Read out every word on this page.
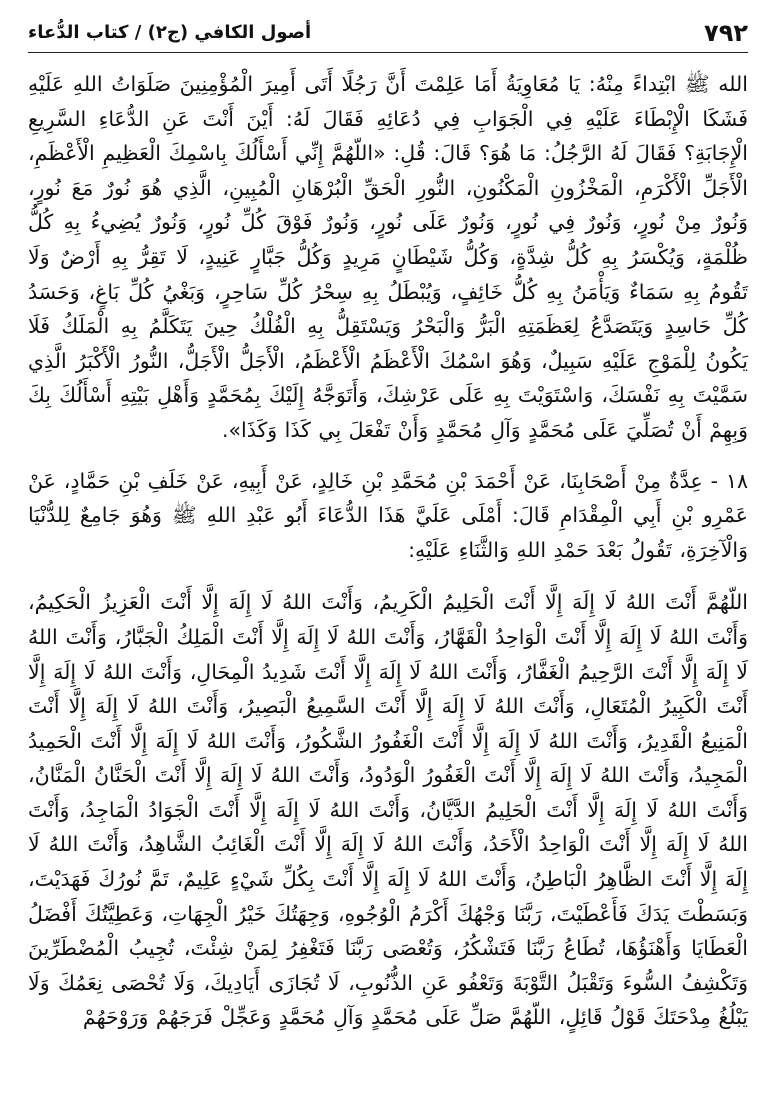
٧٩٢
أصول الكافي (ج٢) / كتاب الدُّعاء

الله ﷺ ابْتِداءً مِنْهُ: يَا مُعَاوِيَةُ أَمَا عَلِمْتَ أَنَّ رَجُلًا أَتَى أَمِيرَ الْمُؤْمِنِينَ صَلَوَاتُ اللهِ عَلَيْهِ فَشَكَا الْإِبْطَاءَ عَلَيْهِ فِي الْجَوَابِ فِي دُعَائِهِ فَقَالَ لَهُ: أَيْنَ أَنْتَ عَنِ الدُّعَاءِ السَّرِيعِ الْإِجَابَةِ؟ فَقَالَ لَهُ الرَّجُلُ: مَا هُوَ؟ قَالَ: قُلِ: «اللّهُمَّ إِنِّي أَسْأَلُكَ بِاسْمِكَ الْعَظِيمِ الْأَعْظَمِ، الْأَجَلِّ الْأَكْرَمِ، الْمَخْزُونِ الْمَكْنُونِ، النُّورِ الْحَقِّ الْبُرْهَانِ الْمُبِينِ، الَّذِي هُوَ نُورٌ مَعَ نُورٍ، وَنُورٌ مِنْ نُورٍ، وَنُورٌ فِي نُورٍ، وَنُورٌ عَلَى نُورٍ، وَنُورٌ فَوْقَ كُلِّ نُورٍ، وَنُورٌ يُضِيءُ بِهِ كُلُّ ظُلْمَةٍ، وَيُكْسَرُ بِهِ كُلُّ شِدَّةٍ، وَكُلُّ شَيْطَانٍ مَرِيدٍ وَكُلُّ جَبَّارٍ عَنِيدٍ، لَا تَقِرُّ بِهِ أَرْضٌ وَلَا تَقُومُ بِهِ سَمَاءٌ وَيَأْمَنُ بِهِ كُلُّ خَائِفٍ، وَيُبْطَلُ بِهِ سِحْرُ كُلِّ سَاحِرٍ، وَبَغْيُ كُلِّ بَاغٍ، وَحَسَدُ كُلِّ حَاسِدٍ وَيَتَصَدَّعُ لِعَظَمَتِهِ الْبَرُّ وَالْبَحْرُ وَيَسْتَقِلُّ بِهِ الْفُلْكُ حِينَ يَتَكَلَّمُ بِهِ الْمَلَكُ فَلَا يَكُونُ لِلْمَوْجِ عَلَيْهِ سَبِيلٌ، وَهُوَ اسْمُكَ الْأَعْظَمُ الْأَعْظَمُ، الْأَجَلُّ الْأَجَلُّ، النُّورُ الْأَكْبَرُ الَّذِي سَمَّيْتَ بِهِ نَفْسَكَ، وَاسْتَوَيْتَ بِهِ عَلَى عَرْشِكَ، وَأَتَوَجَّهُ إِلَيْكَ بِمُحَمَّدٍ وَأَهْلِ بَيْتِهِ أَسْأَلُكَ بِكَ وَبِهِمْ أَنْ تُصَلِّيَ عَلَى مُحَمَّدٍ وَآلِ مُحَمَّدٍ وَأَنْ تَفْعَلَ بِي كَذَا وَكَذَا».

١٨ - عِدَّةٌ مِنْ أَصْحَابِنَا، عَنْ أَحْمَدَ بْنِ مُحَمَّدِ بْنِ خَالِدٍ، عَنْ أَبِيهِ، عَنْ خَلَفِ بْنِ حَمَّادٍ، عَنْ عَمْرِو بْنِ أَبِي الْمِقْدَامِ قَالَ: أَمْلَى عَلَيَّ هَذَا الدُّعَاءَ أَبُو عَبْدِ اللهِ ﷺ وَهُوَ جَامِعٌ لِلدُّنْيَا وَالْآخِرَةِ، تَقُولُ بَعْدَ حَمْدِ اللهِ وَالثَّنَاءِ عَلَيْهِ:

اللّهُمَّ أَنْتَ اللهُ لَا إِلَهَ إِلَّا أَنْتَ الْحَلِيمُ الْكَرِيمُ، وَأَنْتَ اللهُ لَا إِلَهَ إِلَّا أَنْتَ الْعَزِيزُ الْحَكِيمُ، وَأَنْتَ اللهُ لَا إِلَهَ إِلَّا أَنْتَ الْوَاحِدُ الْقَهَّارُ، وَأَنْتَ اللهُ لَا إِلَهَ إِلَّا أَنْتَ الْمَلِكُ الْجَبَّارُ، وَأَنْتَ اللهُ لَا إِلَهَ إِلَّا أَنْتَ الرَّحِيمُ الْغَفَّارُ، وَأَنْتَ اللهُ لَا إِلَهَ إِلَّا أَنْتَ شَدِيدُ الْمِحَالِ، وَأَنْتَ اللهُ لَا إِلَهَ إِلَّا أَنْتَ الْكَبِيرُ الْمُتَعَالِ، وَأَنْتَ اللهُ لَا إِلَهَ إِلَّا أَنْتَ السَّمِيعُ الْبَصِيرُ، وَأَنْتَ اللهُ لَا إِلَهَ إِلَّا أَنْتَ الْمَنِيعُ الْقَدِيرُ، وَأَنْتَ اللهُ لَا إِلَهَ إِلَّا أَنْتَ الْغَفُورُ الشَّكُورُ، وَأَنْتَ اللهُ لَا إِلَهَ إِلَّا أَنْتَ الْحَمِيدُ الْمَجِيدُ، وَأَنْتَ اللهُ لَا إِلَهَ إِلَّا أَنْتَ الْغَفُورُ الْوَدُودُ، وَأَنْتَ اللهُ لَا إِلَهَ إِلَّا أَنْتَ الْحَنَّانُ الْمَنَّانُ، وَأَنْتَ اللهُ لَا إِلَهَ إِلَّا أَنْتَ الْحَلِيمُ الدَّيَّانُ، وَأَنْتَ اللهُ لَا إِلَهَ إِلَّا أَنْتَ الْجَوَادُ الْمَاجِدُ، وَأَنْتَ اللهُ لَا إِلَهَ إِلَّا أَنْتَ الْوَاحِدُ الْأَحَدُ، وَأَنْتَ اللهُ لَا إِلَهَ إِلَّا أَنْتَ الْغَائِبُ الشَّاهِدُ، وَأَنْتَ اللهُ لَا إِلَهَ إِلَّا أَنْتَ الظَّاهِرُ الْبَاطِنُ، وَأَنْتَ اللهُ لَا إِلَهَ إِلَّا أَنْتَ بِكُلِّ شَيْءٍ عَلِيمٌ، تَمَّ نُورُكَ فَهَدَيْتَ، وَبَسَطْتَ يَدَكَ فَأَعْطَيْتَ، رَبَّنَا وَجْهُكَ أَكْرَمُ الْوُجُوهِ، وَجِهَتُكَ خَيْرُ الْجِهَاتِ، وَعَطِيَّتُكَ أَفْضَلُ الْعَطَايَا وَأَهْنَؤُهَا، تُطَاعُ رَبَّنَا فَتَشْكُرُ، وَتُعْصَى رَبَّنَا فَتَغْفِرُ لِمَنْ شِئْتَ، تُجِيبُ الْمُضْطَرِّينَ وَتَكْشِفُ السُّوءَ وَتَقْبَلُ التَّوْبَةَ وَتَعْفُو عَنِ الذُّنُوبِ، لَا تُجَازَى أَيَادِيكَ، وَلَا تُحْصَى نِعَمُكَ وَلَا يَبْلُغُ مِدْحَتَكَ قَوْلُ قَائِلٍ، اللّهُمَّ صَلِّ عَلَى مُحَمَّدٍ وَآلِ مُحَمَّدٍ وَعَجِّلْ فَرَجَهُمْ وَرَوْحَهُمْ
